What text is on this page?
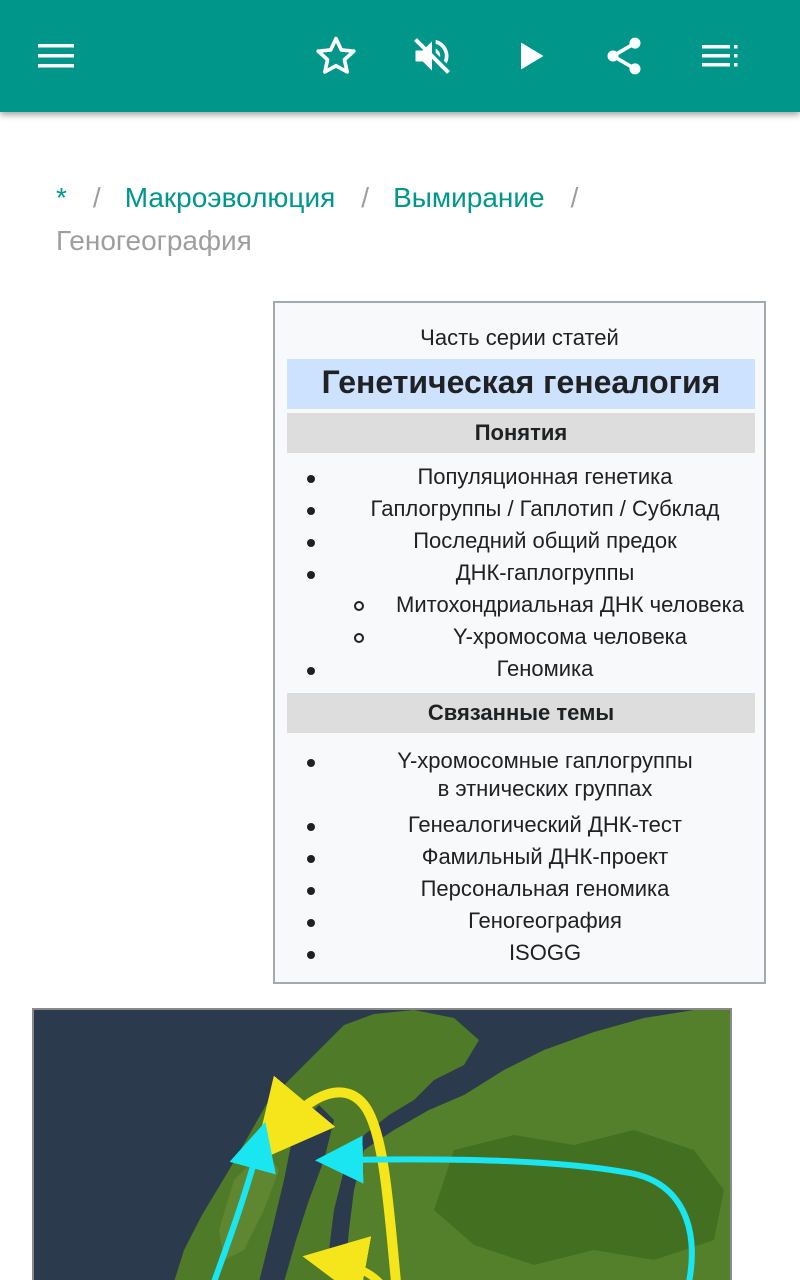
* / Макроэволюция / Вымирание /
Геногеография
Часть серии статей
Генетическая генеалогия
Понятия
Популяционная генетика
Гаплогруппы / Гаплотип / Субклад
Последний общий предок
ДНК-гаплогруппы
Митохондриальная ДНК человека
Y-хромосома человека
Геномика
Связанные темы
Y-хромосомные гаплогруппы
в этнических группах
Генеалогический ДНК-тест
Фамильный ДНК-проект
Персональная геномика
Геногеография
ISOGG
